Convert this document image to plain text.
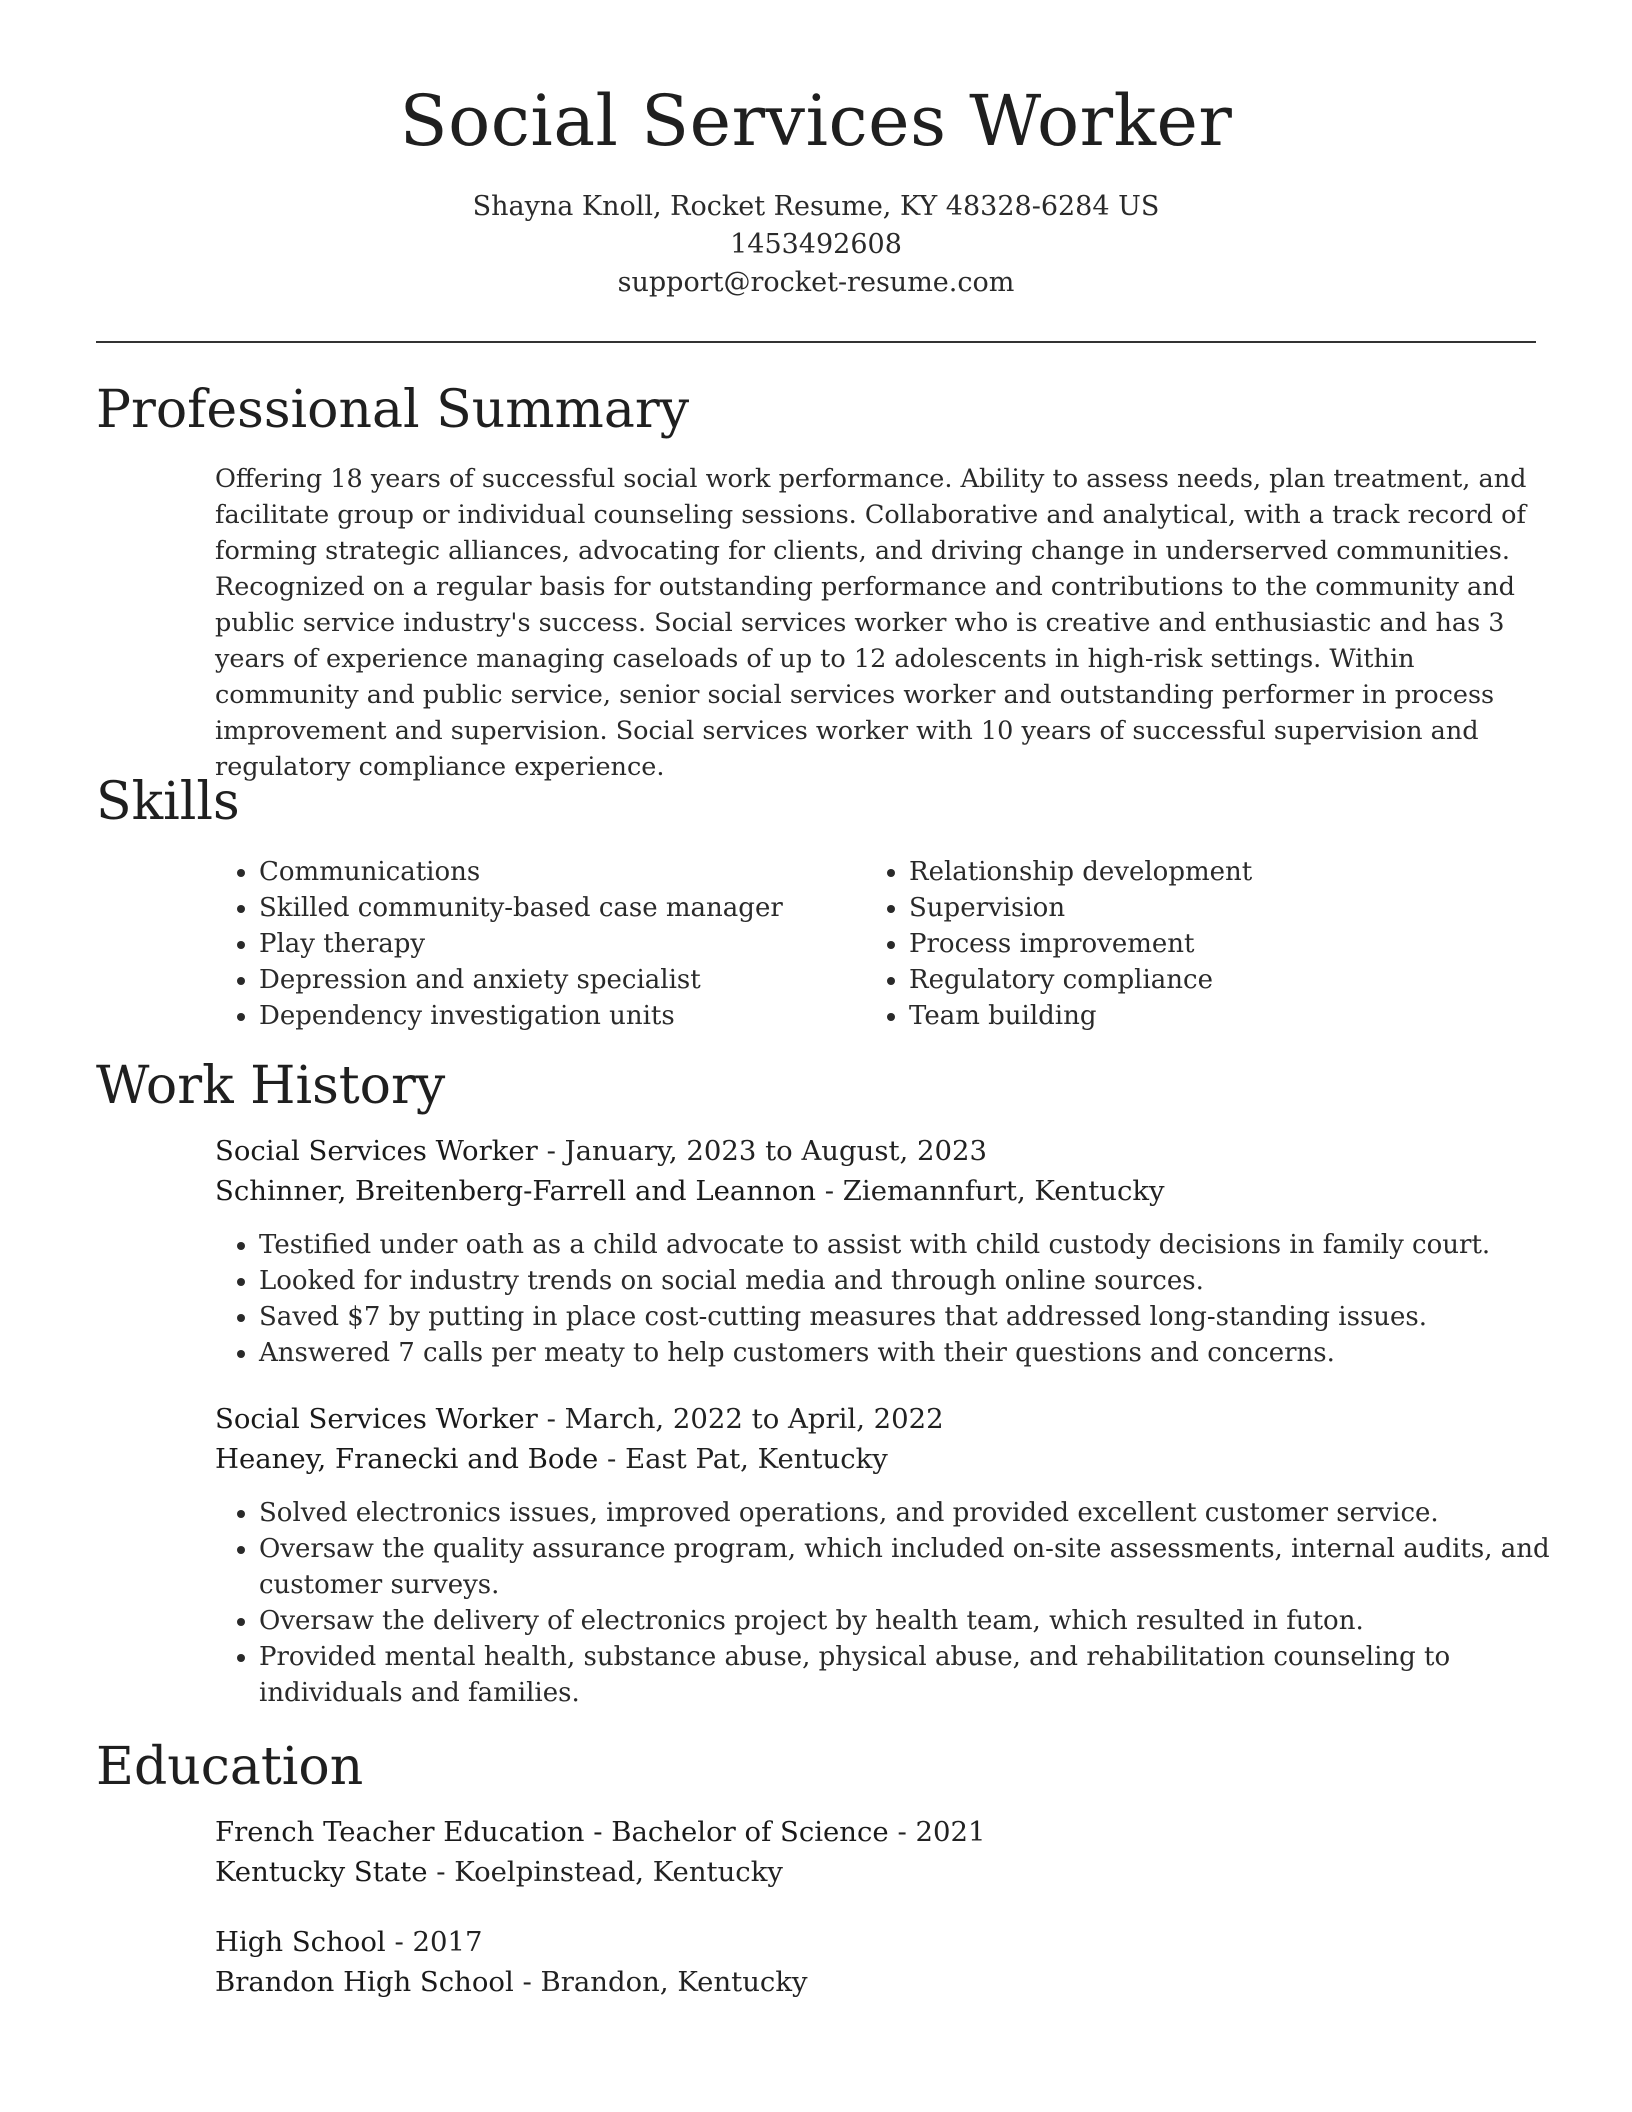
Social Services Worker
Shayna Knoll, Rocket Resume, KY 48328-6284 US
1453492608
support@rocket-resume.com
Professional Summary

Offering 18 years of successful social work performance. Ability to assess needs, plan treatment, and facilitate group or individual counseling sessions. Collaborative and analytical, with a track record of forming strategic alliances, advocating for clients, and driving change in underserved communities. Recognized on a regular basis for outstanding performance and contributions to the community and public service industry's success. Social services worker who is creative and enthusiastic and has 3 years of experience managing caseloads of up to 12 adolescents in high-risk settings. Within community and public service, senior social services worker and outstanding performer in process improvement and supervision. Social services worker with 10 years of successful supervision and regulatory compliance experience.

Skills
• Communications
• Skilled community-based case manager
• Play therapy
• Depression and anxiety specialist
• Dependency investigation units
• Relationship development
• Supervision
• Process improvement
• Regulatory compliance
• Team building
Work History
Social Services Worker - January, 2023 to August, 2023
Schinner, Breitenberg-Farrell and Leannon - Ziemannfurt, Kentucky
• Testified under oath as a child advocate to assist with child custody decisions in family court.
• Looked for industry trends on social media and through online sources.
• Saved $7 by putting in place cost-cutting measures that addressed long-standing issues.
• Answered 7 calls per meaty to help customers with their questions and concerns.
Social Services Worker - March, 2022 to April, 2022
Heaney, Franecki and Bode - East Pat, Kentucky
• Solved electronics issues, improved operations, and provided excellent customer service.
• Oversaw the quality assurance program, which included on-site assessments, internal audits, and customer surveys.
• Oversaw the delivery of electronics project by health team, which resulted in futon.
• Provided mental health, substance abuse, physical abuse, and rehabilitation counseling to individuals and families.
Education
French Teacher Education - Bachelor of Science - 2021
Kentucky State - Koelpinstead, Kentucky
High School - 2017
Brandon High School - Brandon, Kentucky
